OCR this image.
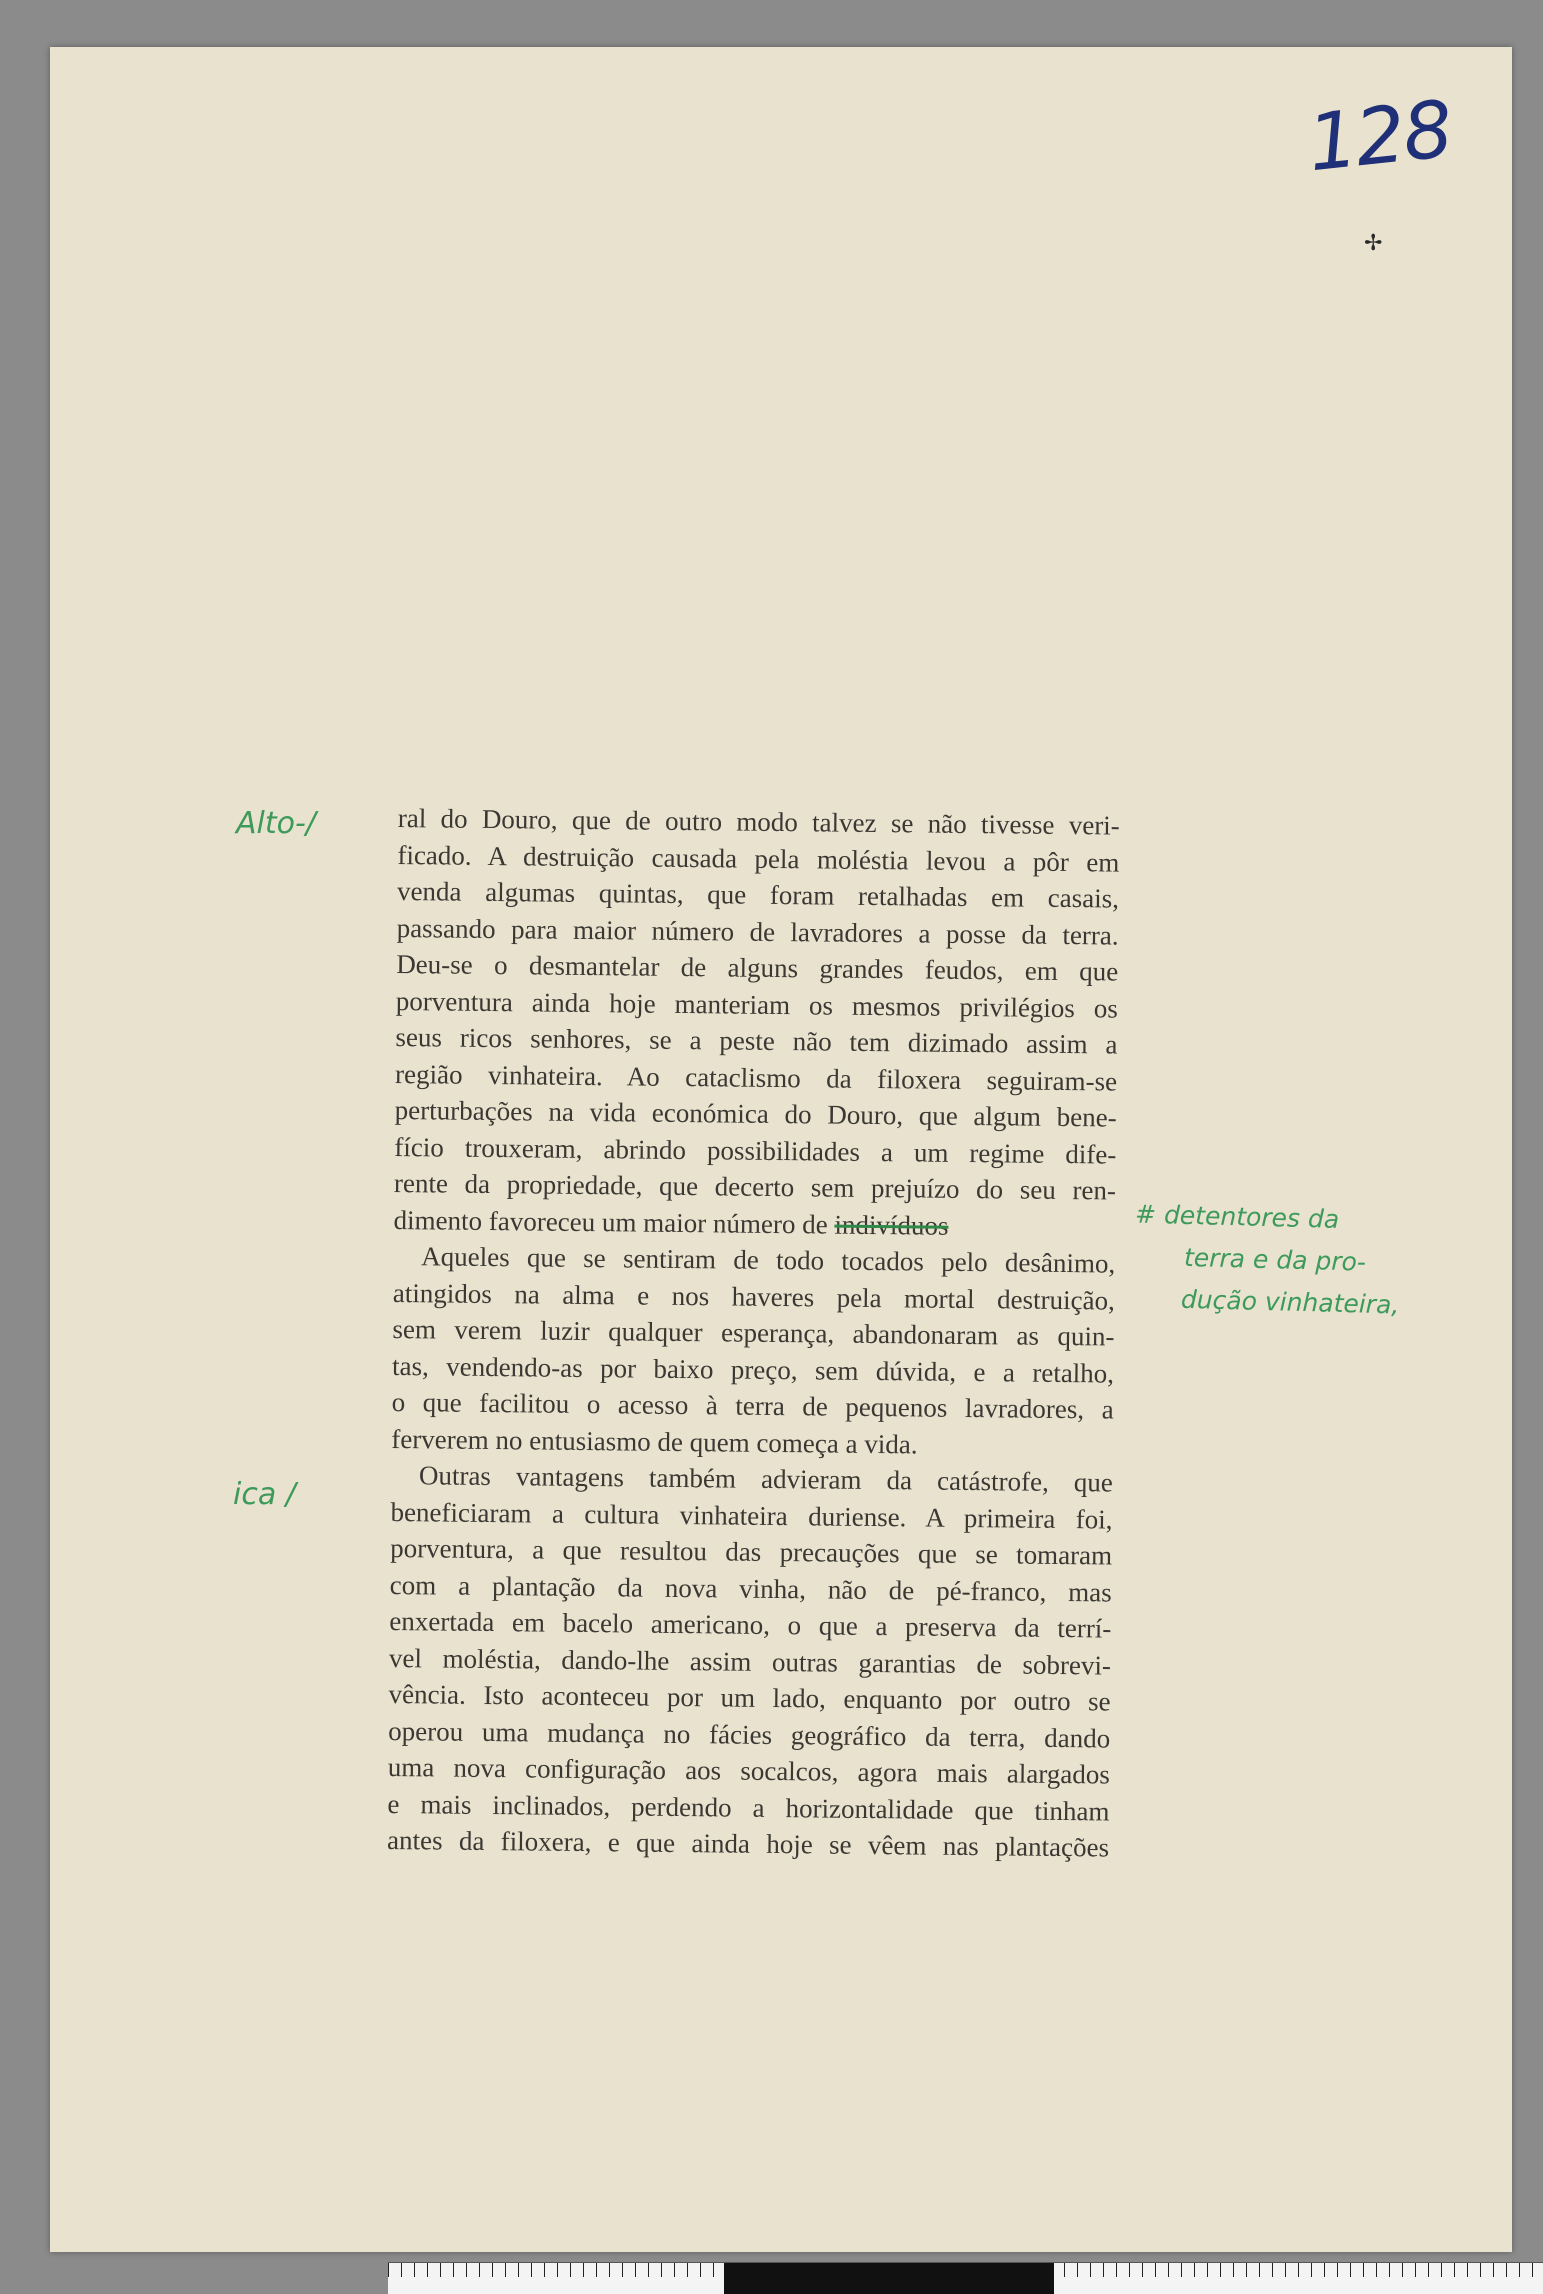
128
✢
Alto-/
ica /
# detentores da
terra e da pro-
dução vinhateira,
ral do Douro, que de outro modo talvez se não tivesse veri-
ficado. A destruição causada pela moléstia levou a pôr em
venda algumas quintas, que foram retalhadas em casais,
passando para maior número de lavradores a posse da terra.
Deu-se o desmantelar de alguns grandes feudos, em que
porventura ainda hoje manteriam os mesmos privilégios os
seus ricos senhores, se a peste não tem dizimado assim a
região vinhateira. Ao cataclismo da filoxera seguiram-se
perturbações na vida económica do Douro, que algum bene-
fício trouxeram, abrindo possibilidades a um regime dife-
rente da propriedade, que decerto sem prejuízo do seu ren-
dimento favoreceu um maior número de indivíduos
Aqueles que se sentiram de todo tocados pelo desânimo,
atingidos na alma e nos haveres pela mortal destruição,
sem verem luzir qualquer esperança, abandonaram as quin-
tas, vendendo-as por baixo preço, sem dúvida, e a retalho,
o que facilitou o acesso à terra de pequenos lavradores, a
ferverem no entusiasmo de quem começa a vida.
Outras vantagens também advieram da catástrofe, que
beneficiaram a cultura vinhateira duriense. A primeira foi,
porventura, a que resultou das precauções que se tomaram
com a plantação da nova vinha, não de pé-franco, mas
enxertada em bacelo americano, o que a preserva da terrí-
vel moléstia, dando-lhe assim outras garantias de sobrevi-
vência. Isto aconteceu por um lado, enquanto por outro se
operou uma mudança no fácies geográfico da terra, dando
uma nova configuração aos socalcos, agora mais alargados
e mais inclinados, perdendo a horizontalidade que tinham
antes da filoxera, e que ainda hoje se vêem nas plantações
